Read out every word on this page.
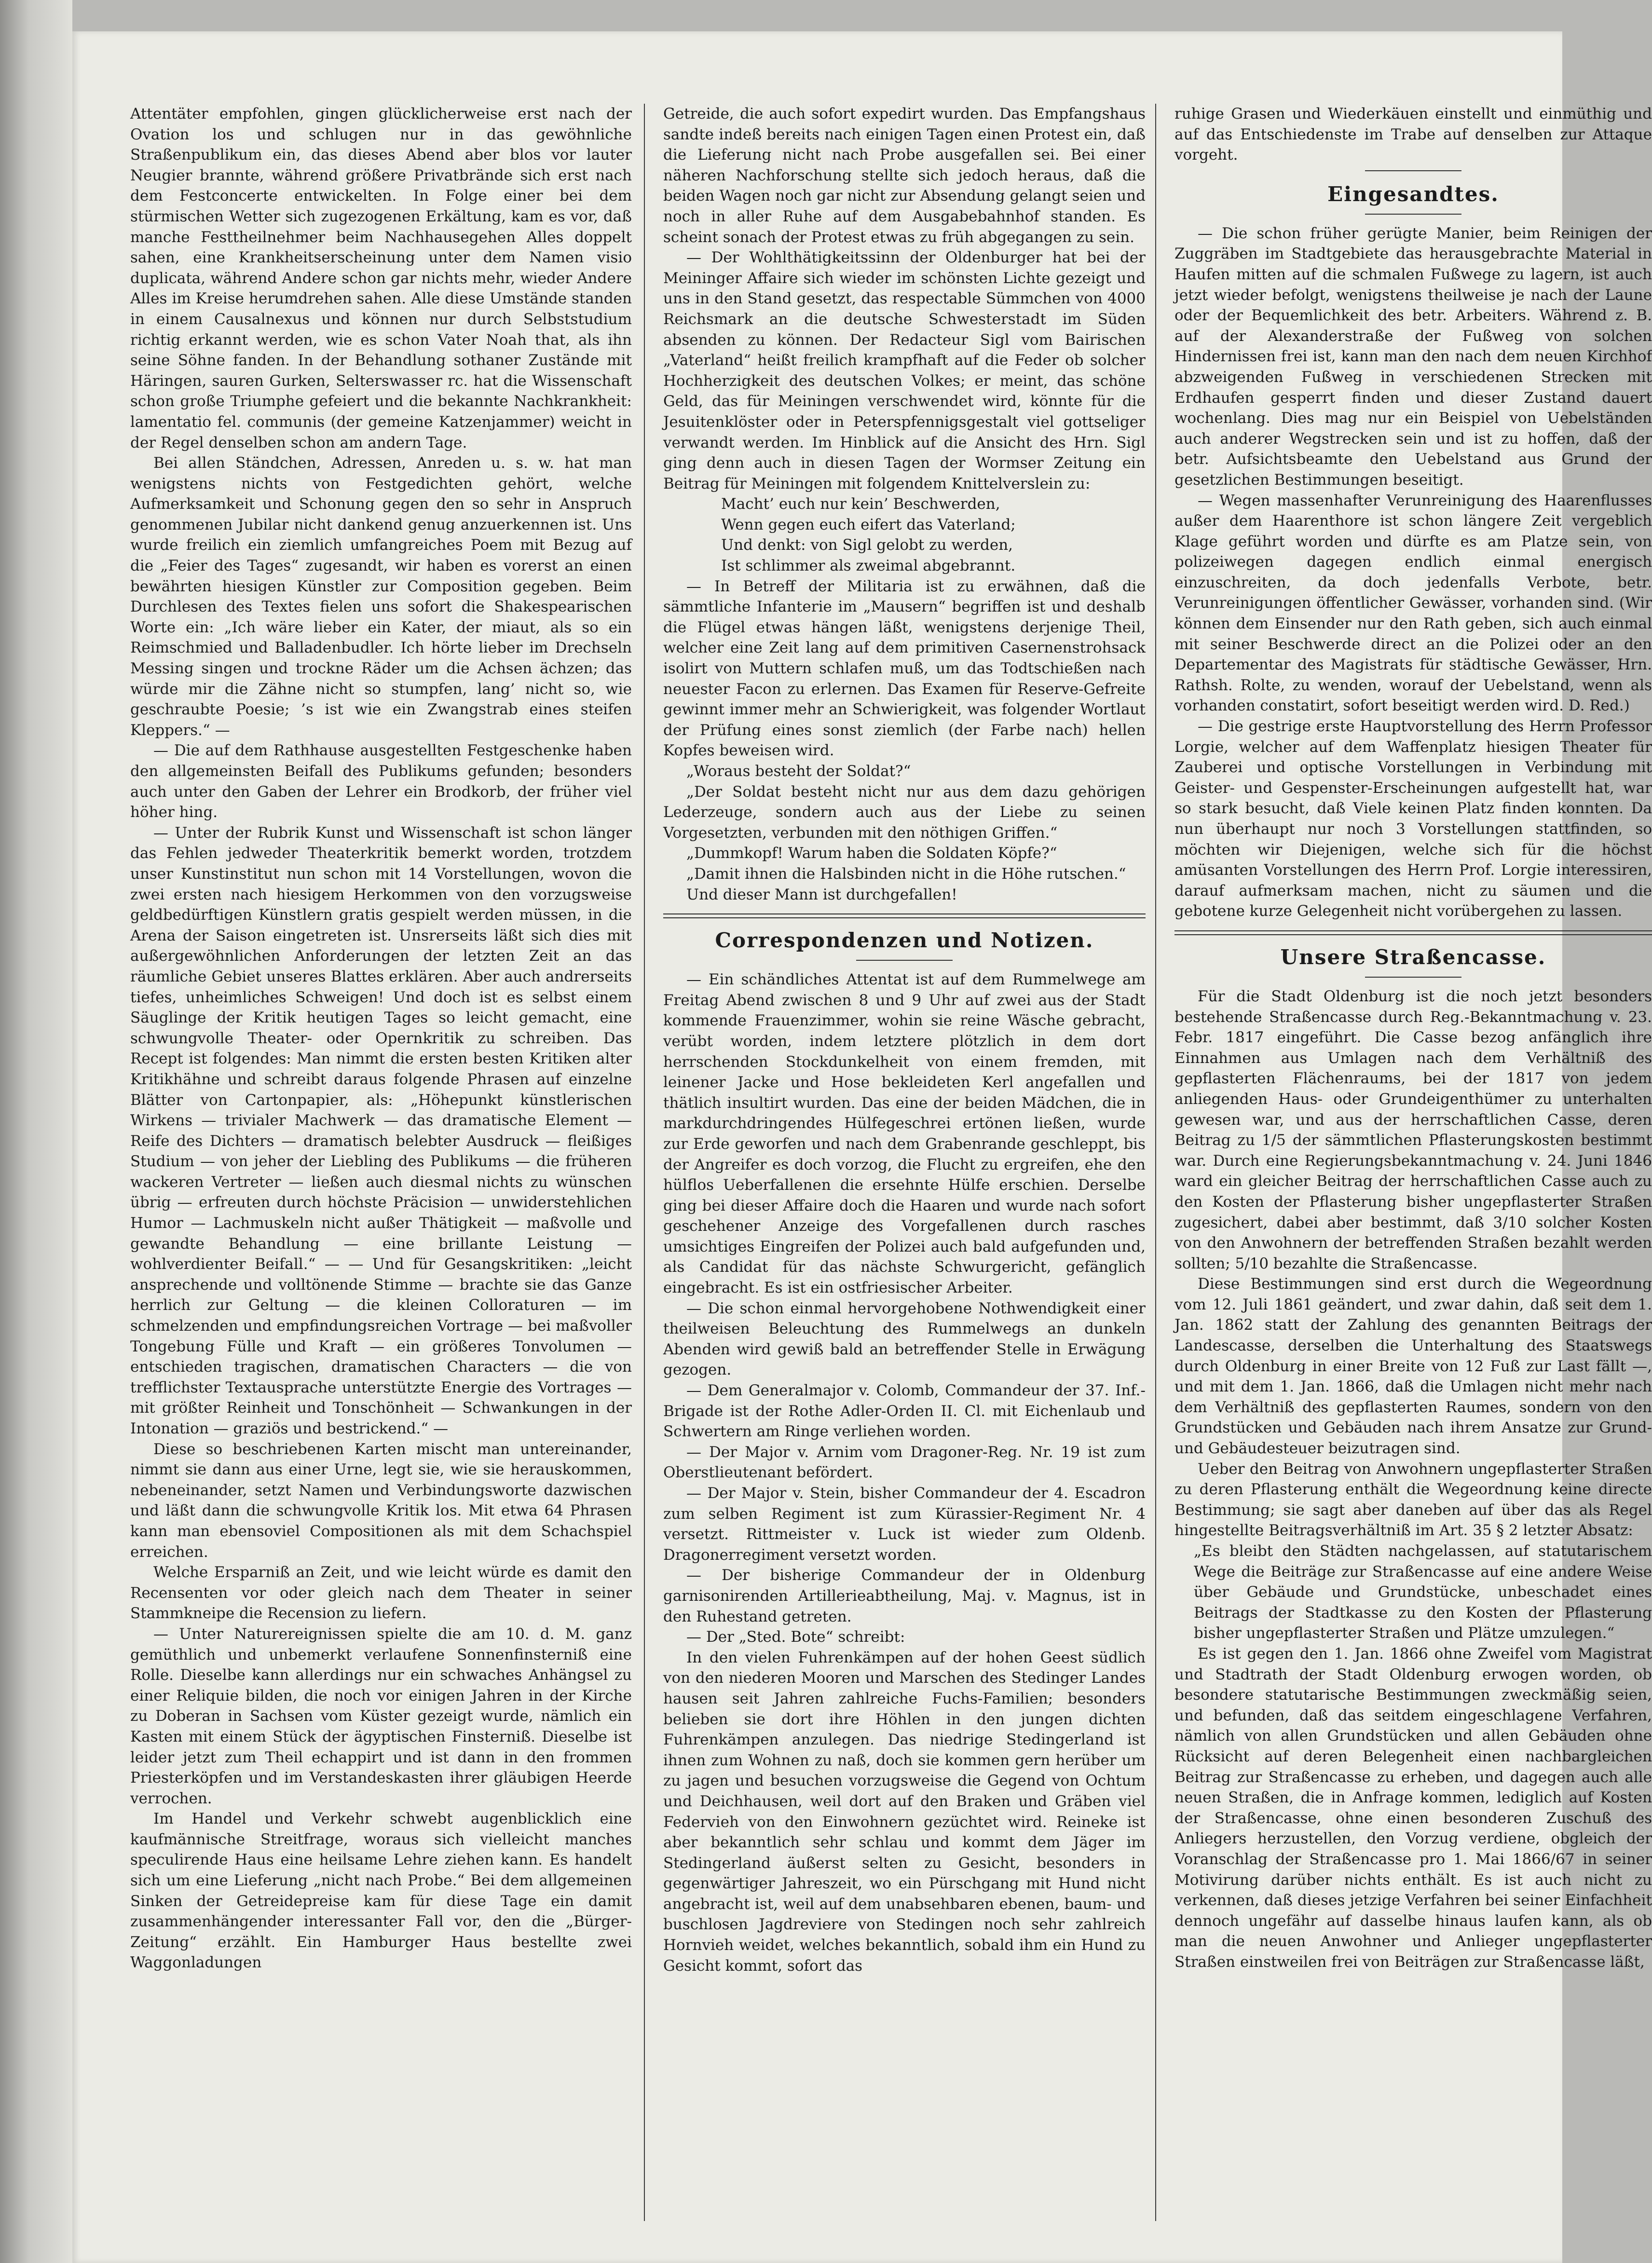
Attentäter empfohlen, gingen glücklicherweise erst nach der Ovation los und schlugen nur in das gewöhnliche Straßenpublikum ein, das dieses Abend aber blos vor lauter Neugier brannte, während größere Privatbrände sich erst nach dem Festconcerte entwickelten. In Folge einer bei dem stürmischen Wetter sich zugezogenen Erkältung, kam es vor, daß manche Festtheilnehmer beim Nachhausegehen Alles doppelt sahen, eine Krankheitserscheinung unter dem Namen visio duplicata, während Andere schon gar nichts mehr, wieder Andere Alles im Kreise herumdrehen sahen. Alle diese Umstände standen in einem Causalnexus und können nur durch Selbststudium richtig erkannt werden, wie es schon Vater Noah that, als ihn seine Söhne fanden. In der Behandlung sothaner Zustände mit Häringen, sauren Gurken, Selterswasser rc. hat die Wissenschaft schon große Triumphe gefeiert und die bekannte Nachkrankheit: lamentatio fel. communis (der gemeine Katzenjammer) weicht in der Regel denselben schon am andern Tage.

Bei allen Ständchen, Adressen, Anreden u. s. w. hat man wenigstens nichts von Festgedichten gehört, welche Aufmerksamkeit und Schonung gegen den so sehr in Anspruch genommenen Jubilar nicht dankend genug anzuerkennen ist. Uns wurde freilich ein ziemlich umfangreiches Poem mit Bezug auf die „Feier des Tages“ zugesandt, wir haben es vorerst an einen bewährten hiesigen Künstler zur Composition gegeben. Beim Durchlesen des Textes fielen uns sofort die Shakespearischen Worte ein: „Ich wäre lieber ein Kater, der miaut, als so ein Reimschmied und Balladenbudler. Ich hörte lieber im Drechseln Messing singen und trockne Räder um die Achsen ächzen; das würde mir die Zähne nicht so stumpfen, lang’ nicht so, wie geschraubte Poesie; ’s ist wie ein Zwangstrab eines steifen Kleppers.“ —

— Die auf dem Rathhause ausgestellten Festgeschenke haben den allgemeinsten Beifall des Publikums gefunden; besonders auch unter den Gaben der Lehrer ein Brodkorb, der früher viel höher hing.

— Unter der Rubrik Kunst und Wissenschaft ist schon länger das Fehlen jedweder Theaterkritik bemerkt worden, trotzdem unser Kunstinstitut nun schon mit 14 Vorstellungen, wovon die zwei ersten nach hiesigem Herkommen von den vorzugsweise geldbedürftigen Künstlern gratis gespielt werden müssen, in die Arena der Saison eingetreten ist. Unsrerseits läßt sich dies mit außergewöhnlichen Anforderungen der letzten Zeit an das räumliche Gebiet unseres Blattes erklären. Aber auch andrerseits tiefes, unheimliches Schweigen! Und doch ist es selbst einem Säuglinge der Kritik heutigen Tages so leicht gemacht, eine schwungvolle Theater- oder Opernkritik zu schreiben. Das Recept ist folgendes: Man nimmt die ersten besten Kritiken alter Kritikhähne und schreibt daraus folgende Phrasen auf einzelne Blätter von Cartonpapier, als: „Höhepunkt künstlerischen Wirkens — trivialer Machwerk — das dramatische Element — Reife des Dichters — dramatisch belebter Ausdruck — fleißiges Studium — von jeher der Liebling des Publikums — die früheren wackeren Vertreter — ließen auch diesmal nichts zu wünschen übrig — erfreuten durch höchste Präcision — unwiderstehlichen Humor — Lachmuskeln nicht außer Thätigkeit — maßvolle und gewandte Behandlung — eine brillante Leistung — wohlverdienter Beifall.“ — — Und für Gesangskritiken: „leicht ansprechende und volltönende Stimme — brachte sie das Ganze herrlich zur Geltung — die kleinen Colloraturen — im schmelzenden und empfindungsreichen Vortrage — bei maßvoller Tongebung Fülle und Kraft — ein größeres Tonvolumen — entschieden tragischen, dramatischen Characters — die von trefflichster Textausprache unterstützte Energie des Vortrages — mit größter Reinheit und Tonschönheit — Schwankungen in der Intonation — graziös und bestrickend.“ —

Diese so beschriebenen Karten mischt man untereinander, nimmt sie dann aus einer Urne, legt sie, wie sie herauskommen, nebeneinander, setzt Namen und Verbindungsworte dazwischen und läßt dann die schwungvolle Kritik los. Mit etwa 64 Phrasen kann man ebensoviel Compositionen als mit dem Schachspiel erreichen.

Welche Ersparniß an Zeit, und wie leicht würde es damit den Recensenten vor oder gleich nach dem Theater in seiner Stammkneipe die Recension zu liefern.

— Unter Naturereignissen spielte die am 10. d. M. ganz gemüthlich und unbemerkt verlaufene Sonnenfinsterniß eine Rolle. Dieselbe kann allerdings nur ein schwaches Anhängsel zu einer Reliquie bilden, die noch vor einigen Jahren in der Kirche zu Doberan in Sachsen vom Küster gezeigt wurde, nämlich ein Kasten mit einem Stück der ägyptischen Finsterniß. Dieselbe ist leider jetzt zum Theil echappirt und ist dann in den frommen Priesterköpfen und im Verstandeskasten ihrer gläubigen Heerde verrochen.

Im Handel und Verkehr schwebt augenblicklich eine kaufmännische Streitfrage, woraus sich vielleicht manches speculirende Haus eine heilsame Lehre ziehen kann. Es handelt sich um eine Lieferung „nicht nach Probe.“ Bei dem allgemeinen Sinken der Getreidepreise kam für diese Tage ein damit zusammenhängender interessanter Fall vor, den die „Bürger-Zeitung“ erzählt. Ein Hamburger Haus bestellte zwei Waggonladungen

Getreide, die auch sofort expedirt wurden. Das Empfangshaus sandte indeß bereits nach einigen Tagen einen Protest ein, daß die Lieferung nicht nach Probe ausgefallen sei. Bei einer näheren Nachforschung stellte sich jedoch heraus, daß die beiden Wagen noch gar nicht zur Absendung gelangt seien und noch in aller Ruhe auf dem Ausgabebahnhof standen. Es scheint sonach der Protest etwas zu früh abgegangen zu sein.

— Der Wohlthätigkeitssinn der Oldenburger hat bei der Meininger Affaire sich wieder im schönsten Lichte gezeigt und uns in den Stand gesetzt, das respectable Sümmchen von 4000 Reichsmark an die deutsche Schwesterstadt im Süden absenden zu können. Der Redacteur Sigl vom Bairischen „Vaterland“ heißt freilich krampfhaft auf die Feder ob solcher Hochherzigkeit des deutschen Volkes; er meint, das schöne Geld, das für Meiningen verschwendet wird, könnte für die Jesuitenklöster oder in Peterspfennigsgestalt viel gottseliger verwandt werden. Im Hinblick auf die Ansicht des Hrn. Sigl ging denn auch in diesen Tagen der Wormser Zeitung ein Beitrag für Meiningen mit folgendem Knittelverslein zu:

Macht’ euch nur kein’ Beschwerden,

Wenn gegen euch eifert das Vaterland;

Und denkt: von Sigl gelobt zu werden,

Ist schlimmer als zweimal abgebrannt.

— In Betreff der Militaria ist zu erwähnen, daß die sämmtliche Infanterie im „Mausern“ begriffen ist und deshalb die Flügel etwas hängen läßt, wenigstens derjenige Theil, welcher eine Zeit lang auf dem primitiven Casernenstrohsack isolirt von Muttern schlafen muß, um das Todtschießen nach neuester Facon zu erlernen. Das Examen für Reserve-Gefreite gewinnt immer mehr an Schwierigkeit, was folgender Wortlaut der Prüfung eines sonst ziemlich (der Farbe nach) hellen Kopfes beweisen wird.

„Woraus besteht der Soldat?“

„Der Soldat besteht nicht nur aus dem dazu gehörigen Lederzeuge, sondern auch aus der Liebe zu seinen Vorgesetzten, verbunden mit den nöthigen Griffen.“

„Dummkopf! Warum haben die Soldaten Köpfe?“

„Damit ihnen die Halsbinden nicht in die Höhe rutschen.“

Und dieser Mann ist durchgefallen!

Correspondenzen und Notizen.

— Ein schändliches Attentat ist auf dem Rummelwege am Freitag Abend zwischen 8 und 9 Uhr auf zwei aus der Stadt kommende Frauenzimmer, wohin sie reine Wäsche gebracht, verübt worden, indem letztere plötzlich in dem dort herrschenden Stockdunkelheit von einem fremden, mit leinener Jacke und Hose bekleideten Kerl angefallen und thätlich insultirt wurden. Das eine der beiden Mädchen, die in markdurchdringendes Hülfegeschrei ertönen ließen, wurde zur Erde geworfen und nach dem Grabenrande geschleppt, bis der Angreifer es doch vorzog, die Flucht zu ergreifen, ehe den hülflos Ueberfallenen die ersehnte Hülfe erschien. Derselbe ging bei dieser Affaire doch die Haaren und wurde nach sofort geschehener Anzeige des Vorgefallenen durch rasches umsichtiges Eingreifen der Polizei auch bald aufgefunden und, als Candidat für das nächste Schwurgericht, gefänglich eingebracht. Es ist ein ostfriesischer Arbeiter.

— Die schon einmal hervorgehobene Nothwendigkeit einer theilweisen Beleuchtung des Rummelwegs an dunkeln Abenden wird gewiß bald an betreffender Stelle in Erwägung gezogen.

— Dem Generalmajor v. Colomb, Commandeur der 37. Inf.-Brigade ist der Rothe Adler-Orden II. Cl. mit Eichenlaub und Schwertern am Ringe verliehen worden.

— Der Major v. Arnim vom Dragoner-Reg. Nr. 19 ist zum Oberstlieutenant befördert.

— Der Major v. Stein, bisher Commandeur der 4. Escadron zum selben Regiment ist zum Kürassier-Regiment Nr. 4 versetzt. Rittmeister v. Luck ist wieder zum Oldenb. Dragonerregiment versetzt worden.

— Der bisherige Commandeur der in Oldenburg garnisonirenden Artillerieabtheilung, Maj. v. Magnus, ist in den Ruhestand getreten.

— Der „Sted. Bote“ schreibt:

In den vielen Fuhrenkämpen auf der hohen Geest südlich von den niederen Mooren und Marschen des Stedinger Landes hausen seit Jahren zahlreiche Fuchs-Familien; besonders belieben sie dort ihre Höhlen in den jungen dichten Fuhrenkämpen anzulegen. Das niedrige Stedingerland ist ihnen zum Wohnen zu naß, doch sie kommen gern herüber um zu jagen und besuchen vorzugsweise die Gegend von Ochtum und Deichhausen, weil dort auf den Braken und Gräben viel Federvieh von den Einwohnern gezüchtet wird. Reineke ist aber bekanntlich sehr schlau und kommt dem Jäger im Stedingerland äußerst selten zu Gesicht, besonders in gegenwärtiger Jahreszeit, wo ein Pürschgang mit Hund nicht angebracht ist, weil auf dem unabsehbaren ebenen, baum- und buschlosen Jagdreviere von Stedingen noch sehr zahlreich Hornvieh weidet, welches bekanntlich, sobald ihm ein Hund zu Gesicht kommt, sofort das

ruhige Grasen und Wiederkäuen einstellt und einmüthig und auf das Entschiedenste im Trabe auf denselben zur Attaque vorgeht.

Eingesandtes.

— Die schon früher gerügte Manier, beim Reinigen der Zuggräben im Stadtgebiete das herausgebrachte Material in Haufen mitten auf die schmalen Fußwege zu lagern, ist auch jetzt wieder befolgt, wenigstens theilweise je nach der Laune oder der Bequemlichkeit des betr. Arbeiters. Während z. B. auf der Alexanderstraße der Fußweg von solchen Hindernissen frei ist, kann man den nach dem neuen Kirchhof abzweigenden Fußweg in verschiedenen Strecken mit Erdhaufen gesperrt finden und dieser Zustand dauert wochenlang. Dies mag nur ein Beispiel von Uebelständen auch anderer Wegstrecken sein und ist zu hoffen, daß der betr. Aufsichtsbeamte den Uebelstand aus Grund der gesetzlichen Bestimmungen beseitigt.

— Wegen massenhafter Verunreinigung des Haarenflusses außer dem Haarenthore ist schon längere Zeit vergeblich Klage geführt worden und dürfte es am Platze sein, von polizeiwegen dagegen endlich einmal energisch einzuschreiten, da doch jedenfalls Verbote, betr. Verunreinigungen öffentlicher Gewässer, vorhanden sind. (Wir können dem Einsender nur den Rath geben, sich auch einmal mit seiner Beschwerde direct an die Polizei oder an den Departementar des Magistrats für städtische Gewässer, Hrn. Rathsh. Rolte, zu wenden, worauf der Uebelstand, wenn als vorhanden constatirt, sofort beseitigt werden wird. D. Red.)

— Die gestrige erste Hauptvorstellung des Herrn Professor Lorgie, welcher auf dem Waffenplatz hiesigen Theater für Zauberei und optische Vorstellungen in Verbindung mit Geister- und Gespenster-Erscheinungen aufgestellt hat, war so stark besucht, daß Viele keinen Platz finden konnten. Da nun überhaupt nur noch 3 Vorstellungen stattfinden, so möchten wir Diejenigen, welche sich für die höchst amüsanten Vorstellungen des Herrn Prof. Lorgie interessiren, darauf aufmerksam machen, nicht zu säumen und die gebotene kurze Gelegenheit nicht vorübergehen zu lassen.

Unsere Straßencasse.

Für die Stadt Oldenburg ist die noch jetzt besonders bestehende Straßencasse durch Reg.-Bekanntmachung v. 23. Febr. 1817 eingeführt. Die Casse bezog anfänglich ihre Einnahmen aus Umlagen nach dem Verhältniß des gepflasterten Flächenraums, bei der 1817 von jedem anliegenden Haus- oder Grundeigenthümer zu unterhalten gewesen war, und aus der herrschaftlichen Casse, deren Beitrag zu 1/5 der sämmtlichen Pflasterungskosten bestimmt war. Durch eine Regierungsbekanntmachung v. 24. Juni 1846 ward ein gleicher Beitrag der herrschaftlichen Casse auch zu den Kosten der Pflasterung bisher ungepflasterter Straßen zugesichert, dabei aber bestimmt, daß 3/10 solcher Kosten von den Anwohnern der betreffenden Straßen bezahlt werden sollten; 5/10 bezahlte die Straßencasse.

Diese Bestimmungen sind erst durch die Wegeordnung vom 12. Juli 1861 geändert, und zwar dahin, daß seit dem 1. Jan. 1862 statt der Zahlung des genannten Beitrags der Landescasse, derselben die Unterhaltung des Staatswegs durch Oldenburg in einer Breite von 12 Fuß zur Last fällt —, und mit dem 1. Jan. 1866, daß die Umlagen nicht mehr nach dem Verhältniß des gepflasterten Raumes, sondern von den Grundstücken und Gebäuden nach ihrem Ansatze zur Grund- und Gebäudesteuer beizutragen sind.

Ueber den Beitrag von Anwohnern ungepflasterter Straßen zu deren Pflasterung enthält die Wegeordnung keine directe Bestimmung; sie sagt aber daneben auf über das als Regel hingestellte Beitragsverhältniß im Art. 35 § 2 letzter Absatz:

„Es bleibt den Städten nachgelassen, auf statutarischem Wege die Beiträge zur Straßencasse auf eine andere Weise über Gebäude und Grundstücke, unbeschadet eines Beitrags der Stadtkasse zu den Kosten der Pflasterung bisher ungepflasterter Straßen und Plätze umzulegen.“

Es ist gegen den 1. Jan. 1866 ohne Zweifel vom Magistrat und Stadtrath der Stadt Oldenburg erwogen worden, ob besondere statutarische Bestimmungen zweckmäßig seien, und befunden, daß das seitdem eingeschlagene Verfahren, nämlich von allen Grundstücken und allen Gebäuden ohne Rücksicht auf deren Belegenheit einen nachbargleichen Beitrag zur Straßencasse zu erheben, und dagegen auch alle neuen Straßen, die in Anfrage kommen, lediglich auf Kosten der Straßencasse, ohne einen besonderen Zuschuß des Anliegers herzustellen, den Vorzug verdiene, obgleich der Voranschlag der Straßencasse pro 1. Mai 1866/67 in seiner Motivirung darüber nichts enthält. Es ist auch nicht zu verkennen, daß dieses jetzige Verfahren bei seiner Einfachheit dennoch ungefähr auf dasselbe hinaus laufen kann, als ob man die neuen Anwohner und Anlieger ungepflasterter Straßen einstweilen frei von Beiträgen zur Straßencasse läßt,
